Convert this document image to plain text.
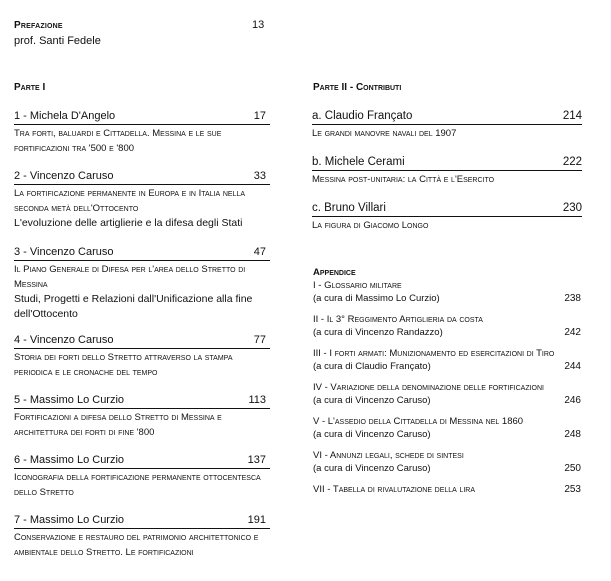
Prefazione	13
prof. Santi Fedele
Parte I
1 - Michela D'Angelo	17
Tra forti, baluardi e Cittadella. Messina e le sue fortificazioni tra '500 e '800
2 - Vincenzo Caruso	33
La fortificazione permanente in Europa e in Italia nella seconda metà dell'Ottocento
L'evoluzione delle artiglierie e la difesa degli Stati
3 - Vincenzo Caruso	47
Il Piano Generale di Difesa per l'area dello Stretto di Messina
Studi, Progetti e Relazioni dall'Unificazione alla fine dell'Ottocento
4 - Vincenzo Caruso	77
Storia dei forti dello Stretto attraverso la stampa periodica e le cronache del tempo
5 - Massimo Lo Curzio	113
Fortificazioni a difesa dello Stretto di Messina e architettura dei forti di fine '800
6 - Massimo Lo Curzio	137
Iconografia della fortificazione permanente ottocentesca dello Stretto
7 - Massimo Lo Curzio	191
Conservazione e restauro del patrimonio architettonico e ambientale dello Stretto. Le fortificazioni
Parte II - Contributi
a. Claudio Françato	214
Le grandi manovre navali del 1907
b. Michele Cerami	222
Messina post-unitaria: la Città e l'Esercito
c. Bruno Villari	230
La figura di Giacomo Longo
Appendice
I - Glossario militare
(a cura di Massimo Lo Curzio)	238
II - Il 3° Reggimento Artiglieria da costa
(a cura di Vincenzo Randazzo)	242
III - I forti armati: Munizionamento ed esercitazioni di Tiro
(a cura di Claudio Françato)	244
IV - Variazione della denominazione delle fortificazioni
(a cura di Vincenzo Caruso)	246
V - L'assedio della Cittadella di Messina nel 1860
(a cura di Vincenzo Caruso)	248
VI - Annunzi legali, schede di sintesi
(a cura di Vincenzo Caruso)	250
VII - Tabella di rivalutazione della lira	253
